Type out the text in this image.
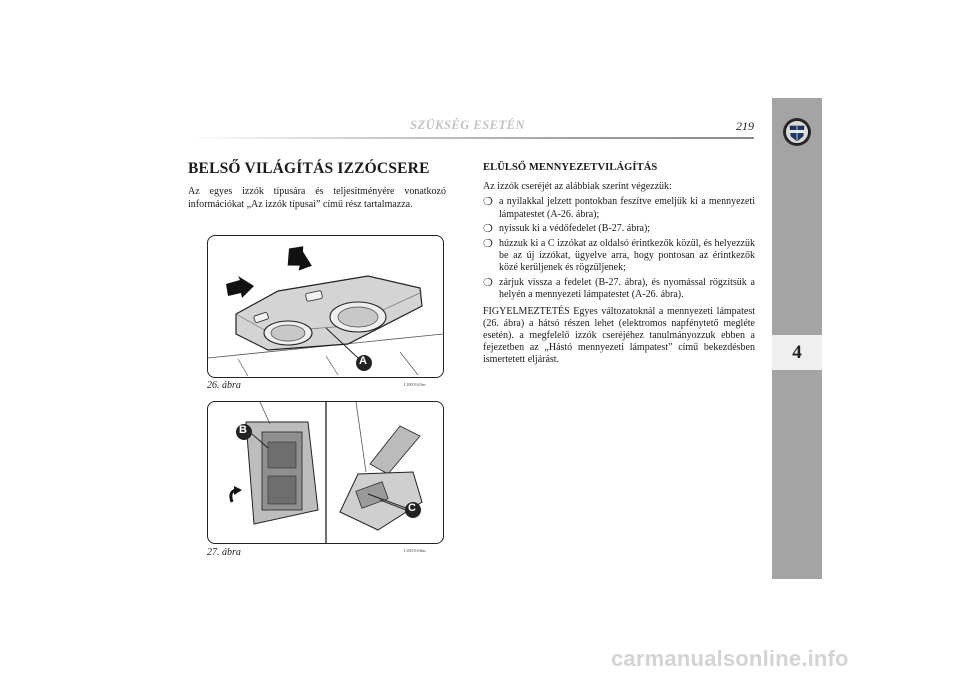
SZÜKSÉG ESETÉN	219
4
BELSŐ VILÁGÍTÁS IZZÓCSERE
Az egyes izzók típusára és teljesítményére vonatkozó információkat „Az izzók típusai” című rész tartalmazza.
A
26. ábra	L0E0165m
B
C
27. ábra	L0E0166m
ELÜLSŐ MENNYEZETVILÁGÍTÁS

Az izzók cseréjét az alábbiak szerint végezzük:

❍ a nyilakkal jelzett pontokban feszítve emeljük ki a mennyezeti lámpatestet (A-26. ábra);
❍ nyissuk ki a védőfedelet (B-27. ábra);
❍ húzzuk ki a C izzókat az oldalsó érintkezők közül, és helyezzük be az új izzókat, ügyelve arra, hogy pontosan az érintkezők közé kerüljenek és rögzüljenek;
❍ zárjuk vissza a fedelet (B-27. ábra), és nyomással rögzítsük a helyén a mennyezeti lámpatestet (A-26. ábra).

FIGYELMEZTETÉS Egyes változatoknál a mennyezeti lámpatest (26. ábra) a hátsó részen lehet (elektromos napfénytető megléte esetén). a megfelelő izzók cseréjéhez tanulmányozzuk ebben a fejezetben az „Hástó mennyezeti lámpatest” című bekezdésben ismertetett eljárást.

carmanualsonline.info
